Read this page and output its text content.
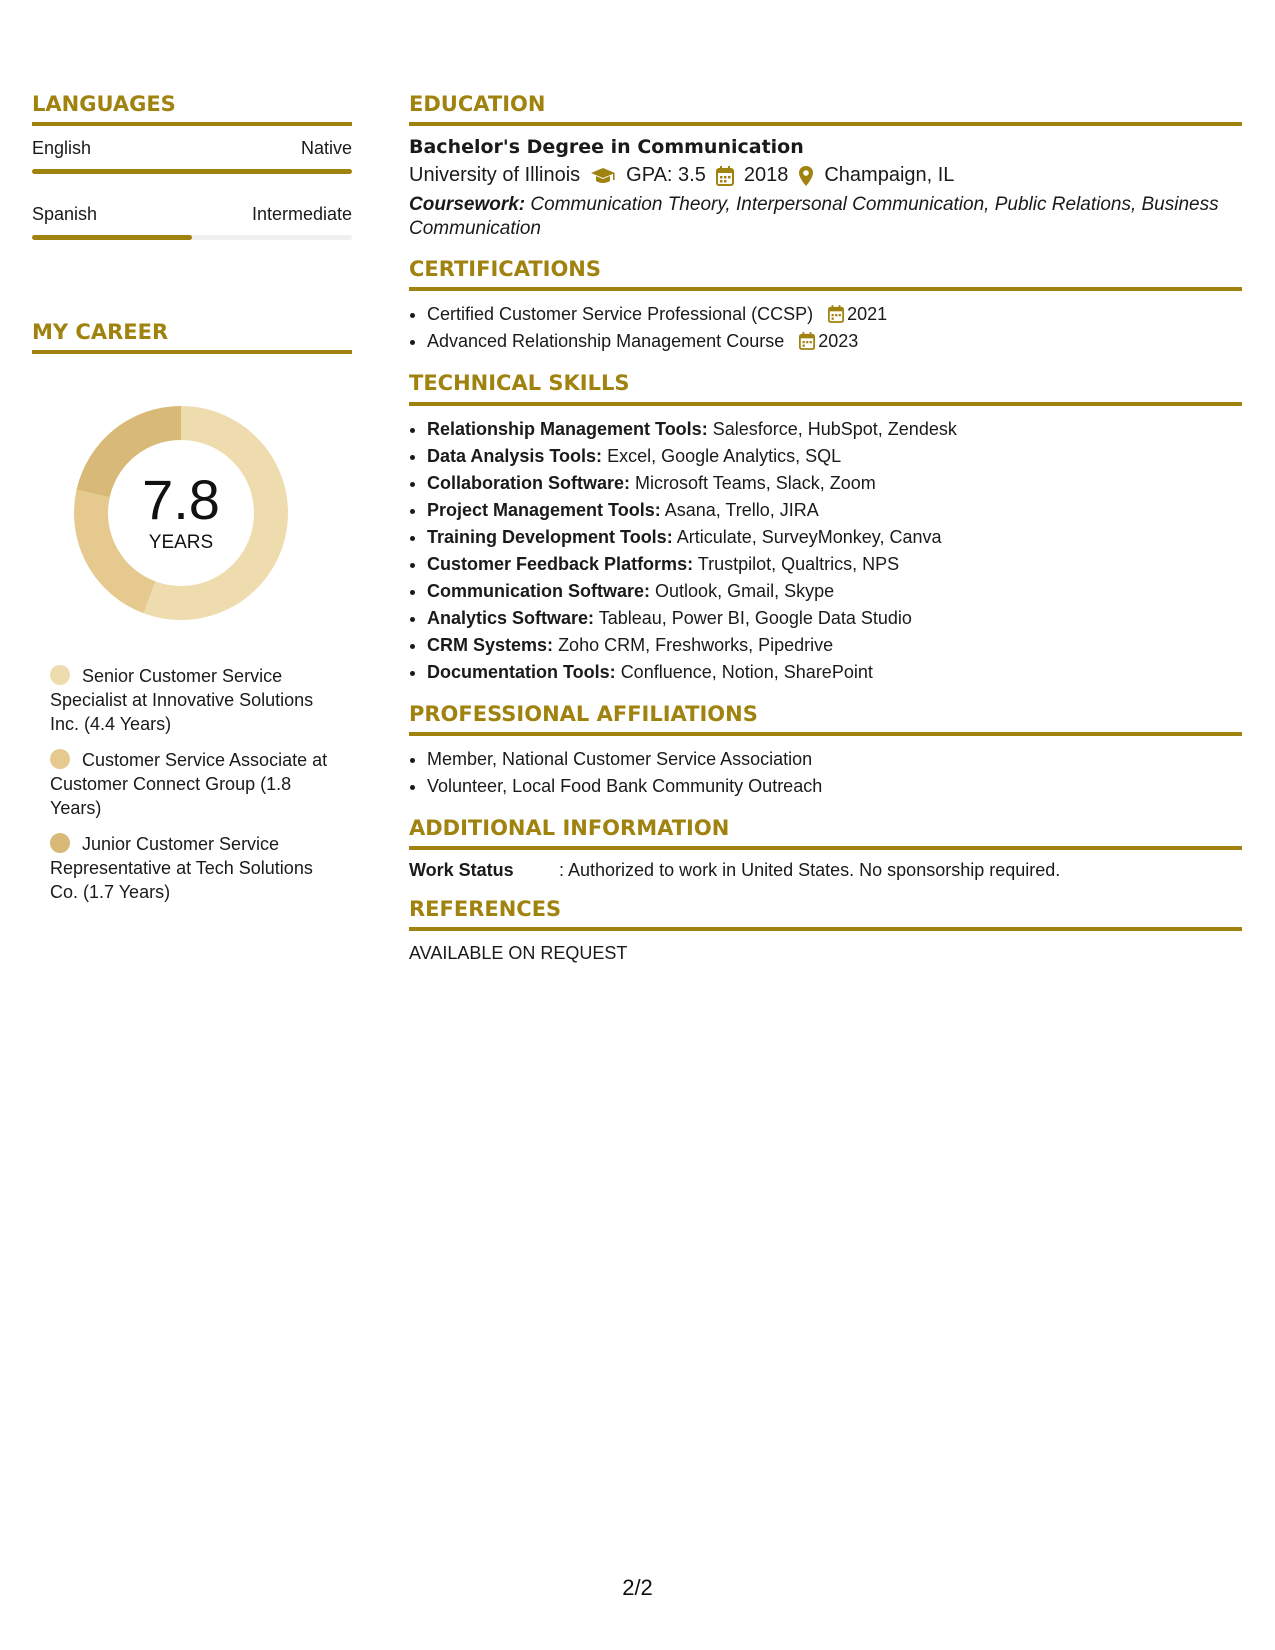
LANGUAGES
English	Native
Spanish	Intermediate
MY CAREER
7.8
YEARS
Senior Customer Service Specialist at Innovative Solutions Inc. (4.4 Years)
Customer Service Associate at Customer Connect Group (1.8 Years)
Junior Customer Service Representative at Tech Solutions Co. (1.7 Years)
EDUCATION
Bachelor's Degree in Communication
University of Illinois GPA: 3.5 2018 Champaign, IL
Coursework: Communication Theory, Interpersonal Communication, Public Relations, Business Communication
CERTIFICATIONS
• Certified Customer Service Professional (CCSP) 2021
• Advanced Relationship Management Course 2023
TECHNICAL SKILLS
• Relationship Management Tools: Salesforce, HubSpot, Zendesk
• Data Analysis Tools: Excel, Google Analytics, SQL
• Collaboration Software: Microsoft Teams, Slack, Zoom
• Project Management Tools: Asana, Trello, JIRA
• Training Development Tools: Articulate, SurveyMonkey, Canva
• Customer Feedback Platforms: Trustpilot, Qualtrics, NPS
• Communication Software: Outlook, Gmail, Skype
• Analytics Software: Tableau, Power BI, Google Data Studio
• CRM Systems: Zoho CRM, Freshworks, Pipedrive
• Documentation Tools: Confluence, Notion, SharePoint
PROFESSIONAL AFFILIATIONS
• Member, National Customer Service Association
• Volunteer, Local Food Bank Community Outreach
ADDITIONAL INFORMATION
Work Status	: Authorized to work in United States. No sponsorship required.
REFERENCES
AVAILABLE ON REQUEST
2/2
